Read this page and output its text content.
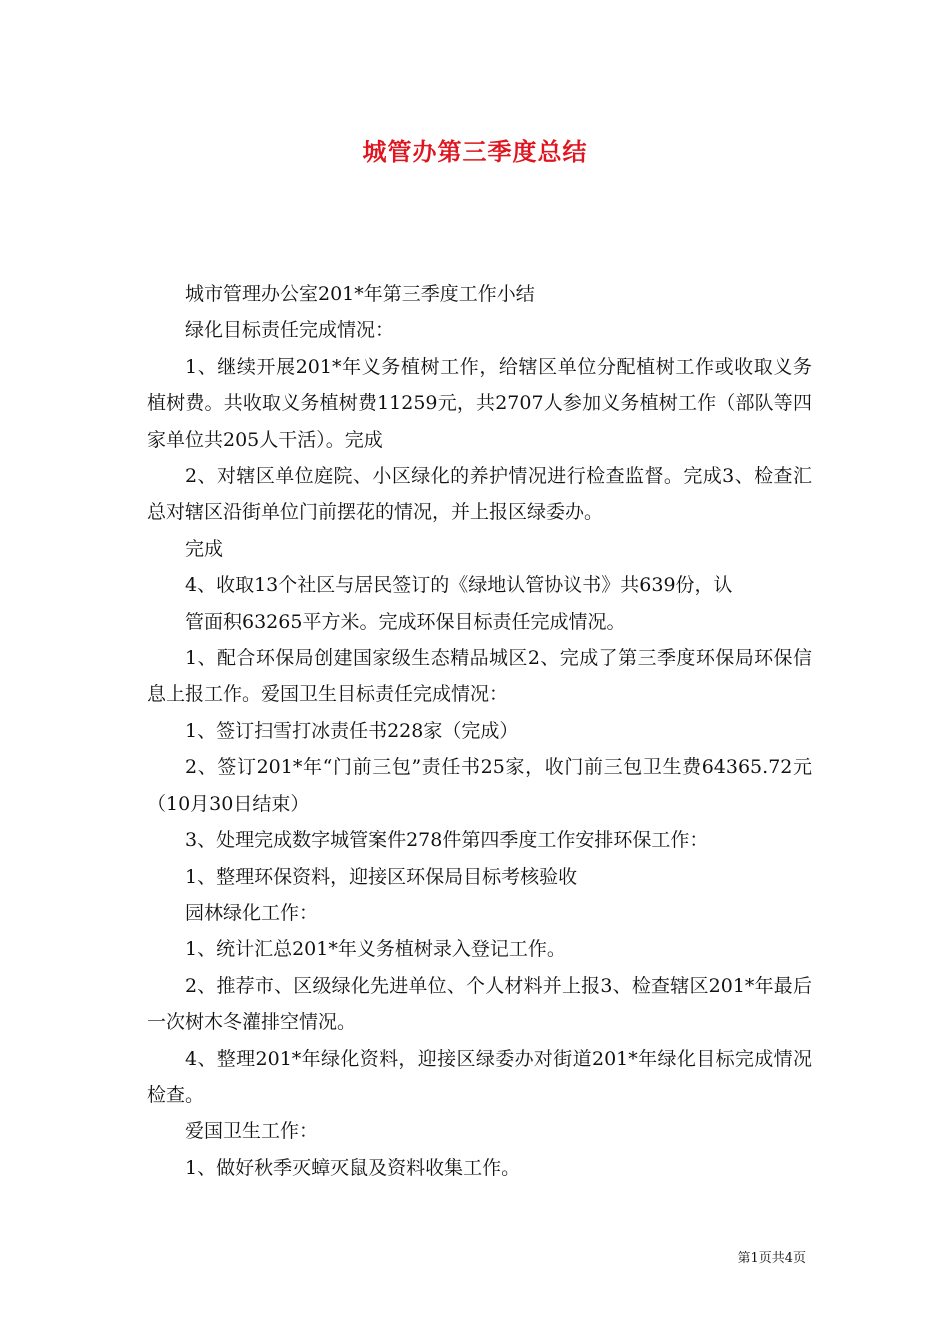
城管办第三季度总结

城市管理办公室201*年第三季度工作小结

绿化目标责任完成情况：

1、继续开展201*年义务植树工作，给辖区单位分配植树工作或收取义务植树费。共收取义务植树费11259元，共2707人参加义务植树工作（部队等四家单位共205人干活）。完成

2、对辖区单位庭院、小区绿化的养护情况进行检查监督。完成3、检查汇总对辖区沿街单位门前摆花的情况，并上报区绿委办。

完成

4、收取13个社区与居民签订的《绿地认管协议书》共639份，认

管面积63265平方米。完成环保目标责任完成情况。

1、配合环保局创建国家级生态精品城区2、完成了第三季度环保局环保信息上报工作。爱国卫生目标责任完成情况：

1、签订扫雪打冰责任书228家（完成）

2、签订201*年“门前三包”责任书25家，收门前三包卫生费64365.72元（10月30日结束）

3、处理完成数字城管案件278件第四季度工作安排环保工作：

1、整理环保资料，迎接区环保局目标考核验收

园林绿化工作：

1、统计汇总201*年义务植树录入登记工作。

2、推荐市、区级绿化先进单位、个人材料并上报3、检查辖区201*年最后一次树木冬灌排空情况。

4、整理201*年绿化资料，迎接区绿委办对街道201*年绿化目标完成情况检查。

爱国卫生工作：

1、做好秋季灭蟑灭鼠及资料收集工作。

第1页共4页
